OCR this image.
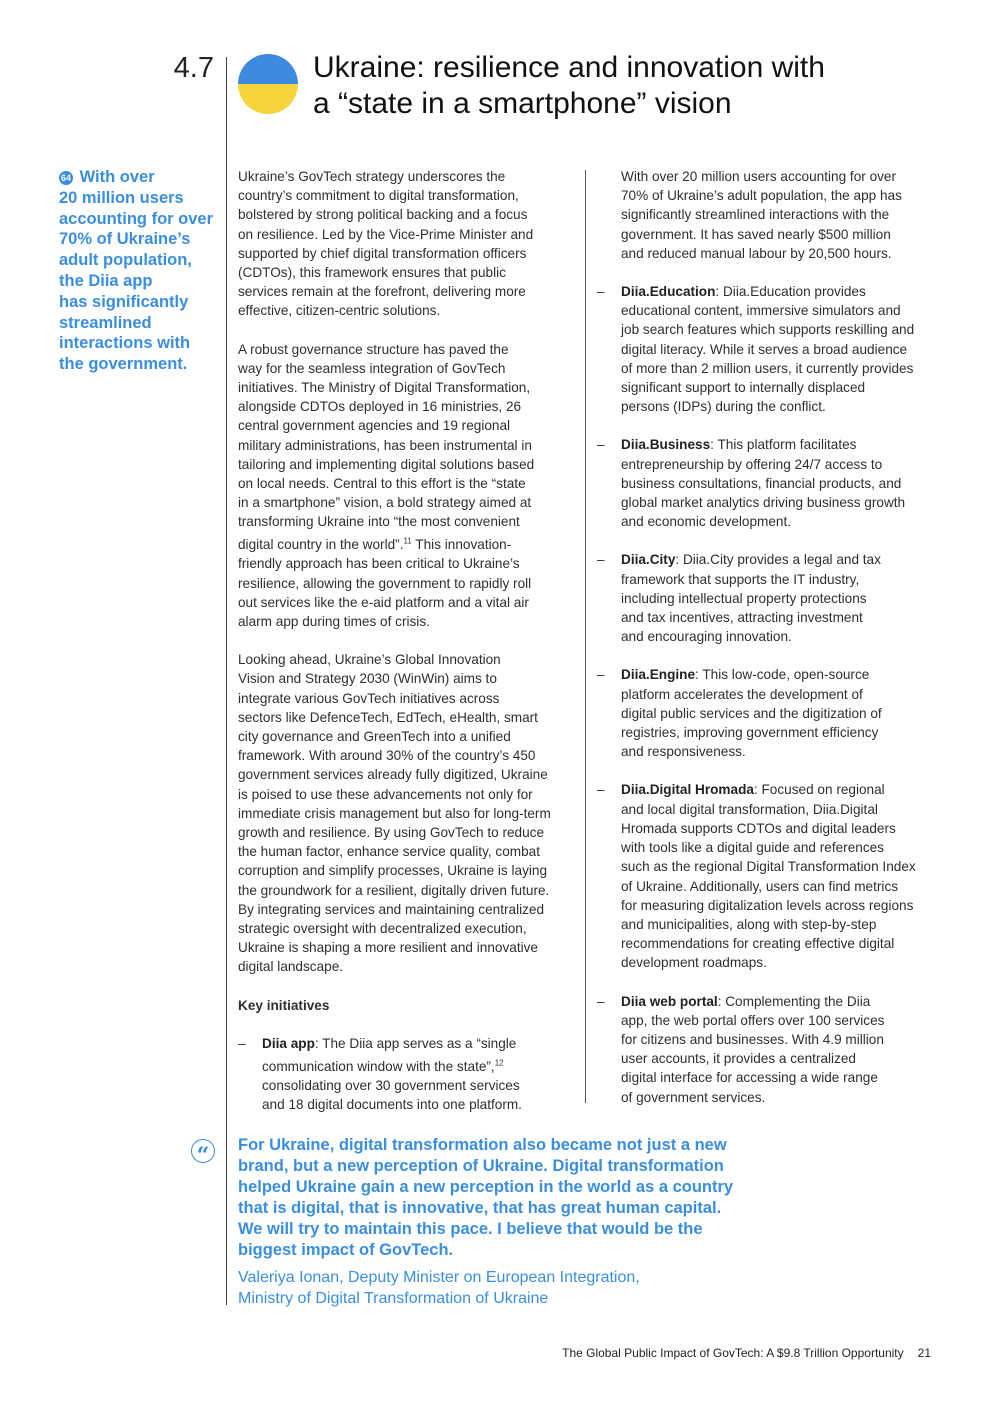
4.7	Ukraine: resilience and innovation with
a “state in a smartphone” vision
64 With over
20 million users
accounting for over
70% of Ukraine’s
adult population,
the Diia app
has significantly
streamlined
interactions with
the government.

Ukraine’s GovTech strategy underscores the
country’s commitment to digital transformation,
bolstered by strong political backing and a focus
on resilience. Led by the Vice-Prime Minister and
supported by chief digital transformation officers
(CDTOs), this framework ensures that public
services remain at the forefront, delivering more
effective, citizen-centric solutions.

A robust governance structure has paved the
way for the seamless integration of GovTech
initiatives. The Ministry of Digital Transformation,
alongside CDTOs deployed in 16 ministries, 26
central government agencies and 19 regional
military administrations, has been instrumental in
tailoring and implementing digital solutions based
on local needs. Central to this effort is the “state
in a smartphone” vision, a bold strategy aimed at
transforming Ukraine into “the most convenient
digital country in the world”.$^{11}$ This innovation-
friendly approach has been critical to Ukraine’s
resilience, allowing the government to rapidly roll
out services like the e-aid platform and a vital air
alarm app during times of crisis.

Looking ahead, Ukraine’s Global Innovation
Vision and Strategy 2030 (WinWin) aims to
integrate various GovTech initiatives across
sectors like DefenceTech, EdTech, eHealth, smart
city governance and GreenTech into a unified
framework. With around 30% of the country’s 450
government services already fully digitized, Ukraine
is poised to use these advancements not only for
immediate crisis management but also for long-term
growth and resilience. By using GovTech to reduce
the human factor, enhance service quality, combat
corruption and simplify processes, Ukraine is laying
the groundwork for a resilient, digitally driven future.
By integrating services and maintaining centralized
strategic oversight with decentralized execution,
Ukraine is shaping a more resilient and innovative
digital landscape.

Key initiatives
– Diia app: The Diia app serves as a “single
communication window with the state”,$^{12}$
consolidating over 30 government services
and 18 digital documents into one platform.

With over 20 million users accounting for over
70% of Ukraine’s adult population, the app has
significantly streamlined interactions with the
government. It has saved nearly $500 million
and reduced manual labour by 20,500 hours.

– Diia.Education: Diia.Education provides
educational content, immersive simulators and
job search features which supports reskilling and
digital literacy. While it serves a broad audience
of more than 2 million users, it currently provides
significant support to internally displaced
persons (IDPs) during the conflict.
– Diia.Business: This platform facilitates
entrepreneurship by offering 24/7 access to
business consultations, financial products, and
global market analytics driving business growth
and economic development.
– Diia.City: Diia.City provides a legal and tax
framework that supports the IT industry,
including intellectual property protections
and tax incentives, attracting investment
and encouraging innovation.
– Diia.Engine: This low-code, open-source
platform accelerates the development of
digital public services and the digitization of
registries, improving government efficiency
and responsiveness.
– Diia.Digital Hromada: Focused on regional
and local digital transformation, Diia.Digital
Hromada supports CDTOs and digital leaders
with tools like a digital guide and references
such as the regional Digital Transformation Index
of Ukraine. Additionally, users can find metrics
for measuring digitalization levels across regions
and municipalities, along with step-by-step
recommendations for creating effective digital
development roadmaps.
– Diia web portal: Complementing the Diia
app, the web portal offers over 100 services
for citizens and businesses. With 4.9 million
user accounts, it provides a centralized
digital interface for accessing a wide range
of government services.
“	For Ukraine, digital transformation also became not just a new
brand, but a new perception of Ukraine. Digital transformation
helped Ukraine gain a new perception in the world as a country
that is digital, that is innovative, that has great human capital.
We will try to maintain this pace. I believe that would be the
biggest impact of GovTech.
Valeriya Ionan, Deputy Minister on European Integration,
Ministry of Digital Transformation of Ukraine
The Global Public Impact of GovTech: A $9.8 Trillion Opportunity 21
